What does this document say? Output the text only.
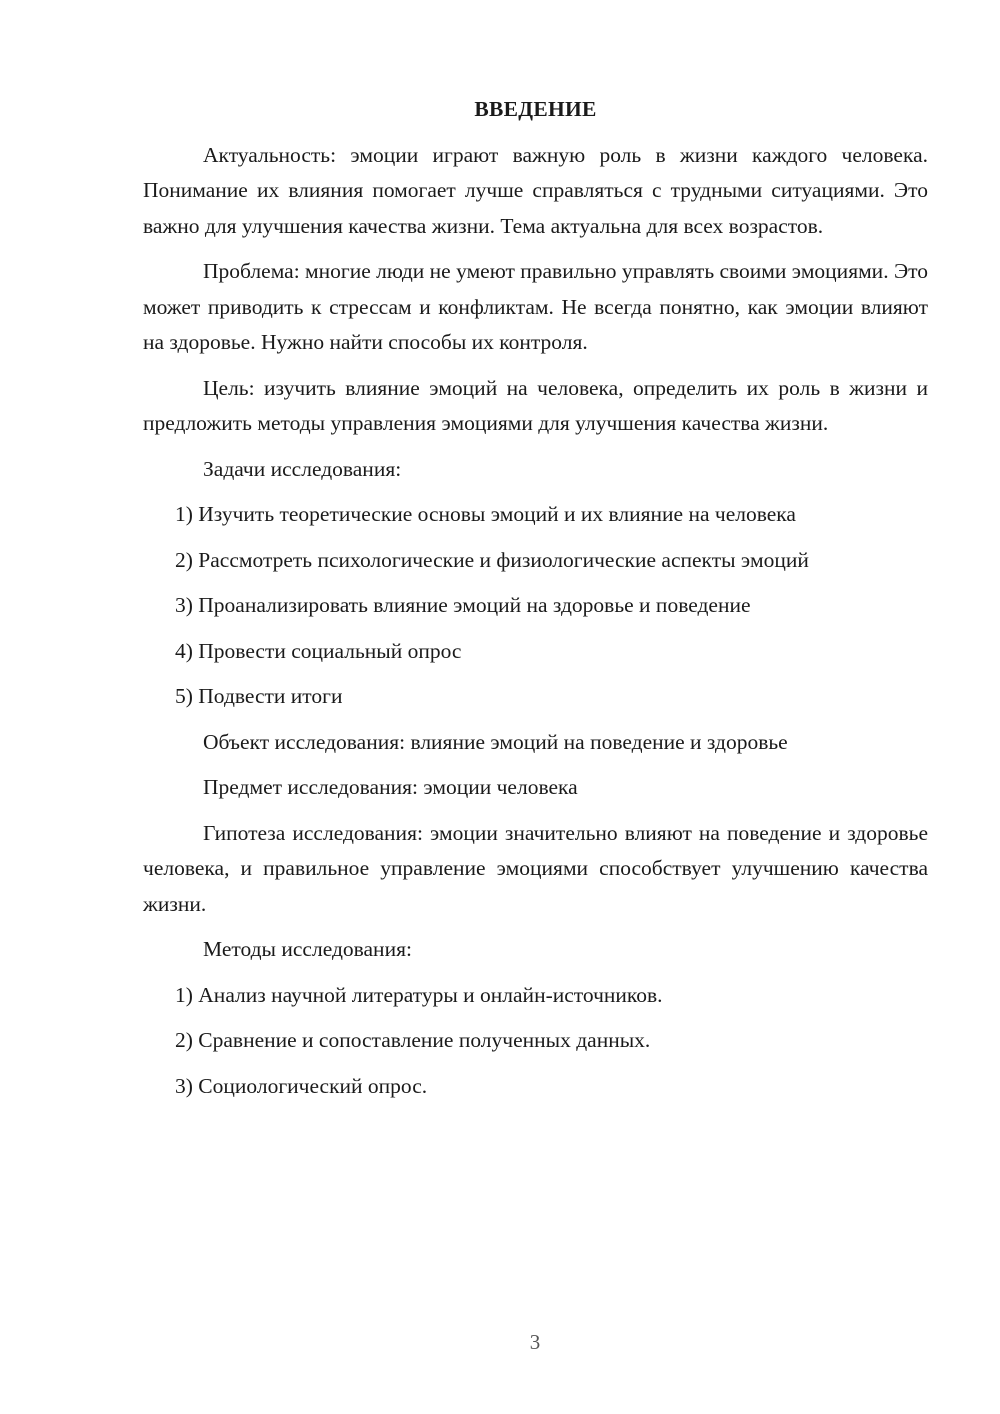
ВВЕДЕНИЕ

Актуальность: эмоции играют важную роль в жизни каждого человека. Понимание их влияния помогает лучше справляться с трудными ситуациями. Это важно для улучшения качества жизни. Тема актуальна для всех возрастов.

Проблема: многие люди не умеют правильно управлять своими эмоциями. Это может приводить к стрессам и конфликтам. Не всегда понятно, как эмоции влияют на здоровье. Нужно найти способы их контроля.

Цель: изучить влияние эмоций на человека, определить их роль в жизни и предложить методы управления эмоциями для улучшения качества жизни.

Задачи исследования:

1) Изучить теоретические основы эмоций и их влияние на человека
2) Рассмотреть психологические и физиологические аспекты эмоций
3) Проанализировать влияние эмоций на здоровье и поведение
4) Провести социальный опрос
5) Подвести итоги

Объект исследования: влияние эмоций на поведение и здоровье

Предмет исследования: эмоции человека

Гипотеза исследования: эмоции значительно влияют на поведение и здоровье человека, и правильное управление эмоциями способствует улучшению качества жизни.

Методы исследования:

1) Анализ научной литературы и онлайн-источников.
2) Сравнение и сопоставление полученных данных.
3) Социологический опрос.
3
